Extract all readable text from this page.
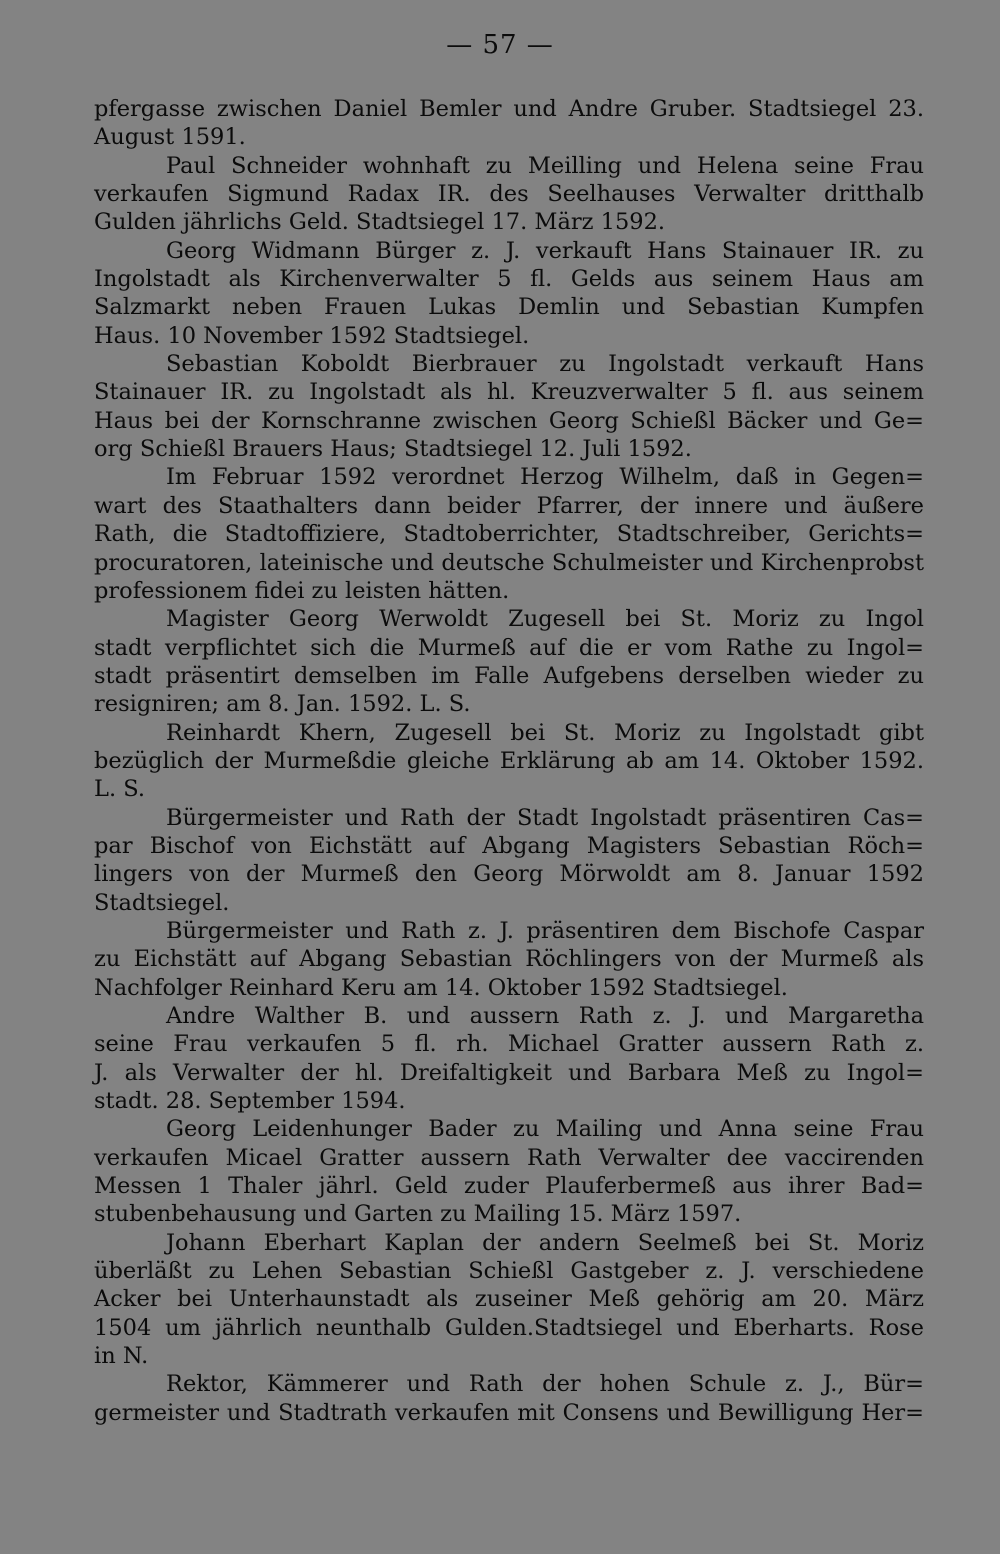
— 57 —
pfergasse zwischen Daniel Bemler und Andre Gruber. Stadtsiegel 23.
August 1591.
Paul Schneider wohnhaft zu Meilling und Helena seine Frau
verkaufen Sigmund Radax IR. des Seelhauses Verwalter dritthalb
Gulden jährlichs Geld. Stadtsiegel 17. März 1592.
Georg Widmann Bürger z. J. verkauft Hans Stainauer IR. zu
Ingolstadt als Kirchenverwalter 5 fl. Gelds aus seinem Haus am
Salzmarkt neben Frauen Lukas Demlin und Sebastian Kumpfen
Haus. 10 November 1592 Stadtsiegel.
Sebastian Koboldt Bierbrauer zu Ingolstadt verkauft Hans
Stainauer IR. zu Ingolstadt als hl. Kreuzverwalter 5 fl. aus seinem
Haus bei der Kornschranne zwischen Georg Schießl Bäcker und Ge=
org Schießl Brauers Haus; Stadtsiegel 12. Juli 1592.
Im Februar 1592 verordnet Herzog Wilhelm, daß in Gegen=
wart des Staathalters dann beider Pfarrer, der innere und äußere
Rath, die Stadtoffiziere, Stadtoberrichter, Stadtschreiber, Gerichts=
procuratoren, lateinische und deutsche Schulmeister und Kirchenprobst
professionem fidei zu leisten hätten.
Magister Georg Werwoldt Zugesell bei St. Moriz zu Ingol
stadt verpflichtet sich die Murmeß auf die er vom Rathe zu Ingol=
stadt präsentirt demselben im Falle Aufgebens derselben wieder zu
resigniren; am 8. Jan. 1592. L. S.
Reinhardt Khern, Zugesell bei St. Moriz zu Ingolstadt gibt
bezüglich der Murmeßdie gleiche Erklärung ab am 14. Oktober 1592.
L. S.
Bürgermeister und Rath der Stadt Ingolstadt präsentiren Cas=
par Bischof von Eichstätt auf Abgang Magisters Sebastian Röch=
lingers von der Murmeß den Georg Mörwoldt am 8. Januar 1592
Stadtsiegel.
Bürgermeister und Rath z. J. präsentiren dem Bischofe Caspar
zu Eichstätt auf Abgang Sebastian Röchlingers von der Murmeß als
Nachfolger Reinhard Keru am 14. Oktober 1592 Stadtsiegel.
Andre Walther B. und aussern Rath z. J. und Margaretha
seine Frau verkaufen 5 fl. rh. Michael Gratter aussern Rath z.
J. als Verwalter der hl. Dreifaltigkeit und Barbara Meß zu Ingol=
stadt. 28. September 1594.
Georg Leidenhunger Bader zu Mailing und Anna seine Frau
verkaufen Micael Gratter aussern Rath Verwalter dee vaccirenden
Messen 1 Thaler jährl. Geld zuder Plauferbermeß aus ihrer Bad=
stubenbehausung und Garten zu Mailing 15. März 1597.
Johann Eberhart Kaplan der andern Seelmeß bei St. Moriz
überläßt zu Lehen Sebastian Schießl Gastgeber z. J. verschiedene
Acker bei Unterhaunstadt als zuseiner Meß gehörig am 20. März
1504 um jährlich neunthalb Gulden.Stadtsiegel und Eberharts. Rose
in N.
Rektor, Kämmerer und Rath der hohen Schule z. J., Bür=
germeister und Stadtrath verkaufen mit Consens und Bewilligung Her=
